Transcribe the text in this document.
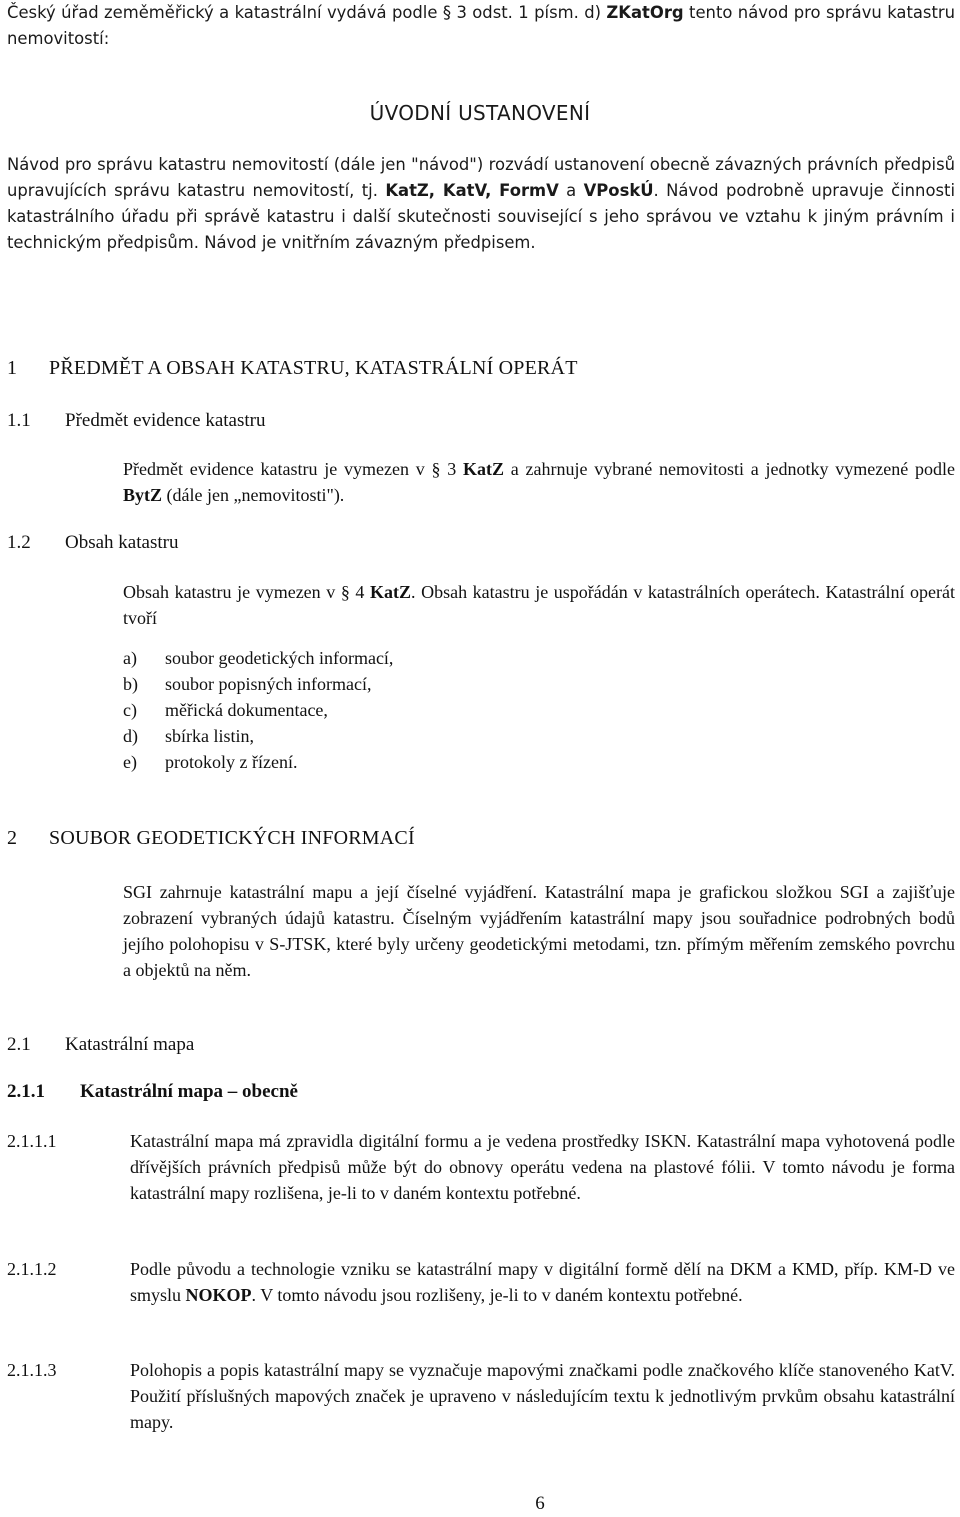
Český úřad zeměměřický a katastrální vydává podle § 3 odst. 1 písm. d) ZKatOrg tento návod pro správu katastru nemovitostí:

ÚVODNÍ USTANOVENÍ

Návod pro správu katastru nemovitostí (dále jen "návod") rozvádí ustanovení obecně závazných právních předpisů upravujících správu katastru nemovitostí, tj. KatZ, KatV, FormV a VPoskÚ. Návod podrobně upravuje činnosti katastrálního úřadu při správě katastru i další skutečnosti související s jeho správou ve vztahu k jiným právním i technickým předpisům. Návod je vnitřním závazným předpisem.

1 PŘEDMĚT A OBSAH KATASTRU, KATASTRÁLNÍ OPERÁT
1.1 Předmět evidence katastru

Předmět evidence katastru je vymezen v § 3 KatZ a zahrnuje vybrané nemovitosti a jednotky vymezené podle BytZ (dále jen „nemovitosti").

1.2 Obsah katastru

Obsah katastru je vymezen v § 4 KatZ. Obsah katastru je uspořádán v katastrálních operátech. Katastrální operát tvoří

a)	soubor geodetických informací,
b)	soubor popisných informací,
c)	měřická dokumentace,
d)	sbírka listin,
e)	protokoly z řízení.
2 SOUBOR GEODETICKÝCH INFORMACÍ

SGI zahrnuje katastrální mapu a její číselné vyjádření. Katastrální mapa je grafickou složkou SGI a zajišťuje zobrazení vybraných údajů katastru. Číselným vyjádřením katastrální mapy jsou souřadnice podrobných bodů jejího polohopisu v S-JTSK, které byly určeny geodetickými metodami, tzn. přímým měřením zemského povrchu a objektů na něm.

2.1 Katastrální mapa
2.1.1 Katastrální mapa – obecně
2.1.1.1	Katastrální mapa má zpravidla digitální formu a je vedena prostředky ISKN. Katastrální mapa vyhotovená podle dřívějších právních předpisů může být do obnovy operátu vedena na plastové fólii. V tomto návodu je forma katastrální mapy rozlišena, je-li to v daném kontextu potřebné.

2.1.1.2	Podle původu a technologie vzniku se katastrální mapy v digitální formě dělí na DKM a KMD, příp. KM-D ve smyslu NOKOP. V tomto návodu jsou rozlišeny, je-li to v daném kontextu potřebné.

2.1.1.3	Polohopis a popis katastrální mapy se vyznačuje mapovými značkami podle značkového klíče stanoveného KatV. Použití příslušných mapových značek je upraveno v následujícím textu k jednotlivým prvkům obsahu katastrální mapy.

6
